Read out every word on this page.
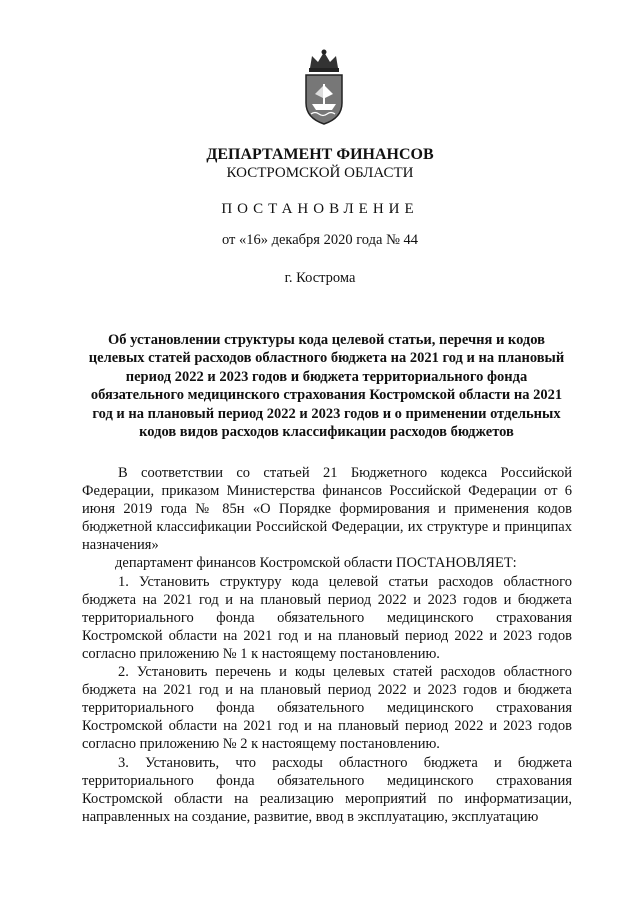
ДЕПАРТАМЕНТ ФИНАНСОВ
КОСТРОМСКОЙ ОБЛАСТИ
ПОСТАНОВЛЕНИЕ
от «16» декабря 2020 года № 44
г. Кострома
Об установлении структуры кода целевой статьи, перечня и кодов целевых статей расходов областного бюджета на 2021 год и на плановый период 2022 и 2023 годов и бюджета территориального фонда обязательного медицинского страхования Костромской области на 2021 год и на плановый период 2022 и 2023 годов и о применении отдельных кодов видов расходов классификации расходов бюджетов

В соответствии со статьей 21 Бюджетного кодекса Российской Федерации, приказом Министерства финансов Российской Федерации от 6 июня 2019 года № 85н «О Порядке формирования и применения кодов бюджетной классификации Российской Федерации, их структуре и принципах назначения»

департамент финансов Костромской области ПОСТАНОВЛЯЕТ:

1. Установить структуру кода целевой статьи расходов областного бюджета на 2021 год и на плановый период 2022 и 2023 годов и бюджета территориального фонда обязательного медицинского страхования Костромской области на 2021 год и на плановый период 2022 и 2023 годов согласно приложению № 1 к настоящему постановлению.

2. Установить перечень и коды целевых статей расходов областного бюджета на 2021 год и на плановый период 2022 и 2023 годов и бюджета территориального фонда обязательного медицинского страхования Костромской области на 2021 год и на плановый период 2022 и 2023 годов согласно приложению № 2 к настоящему постановлению.

3. Установить, что расходы областного бюджета и бюджета территориального фонда обязательного медицинского страхования Костромской области на реализацию мероприятий по информатизации, направленных на создание, развитие, ввод в эксплуатацию, эксплуатацию
